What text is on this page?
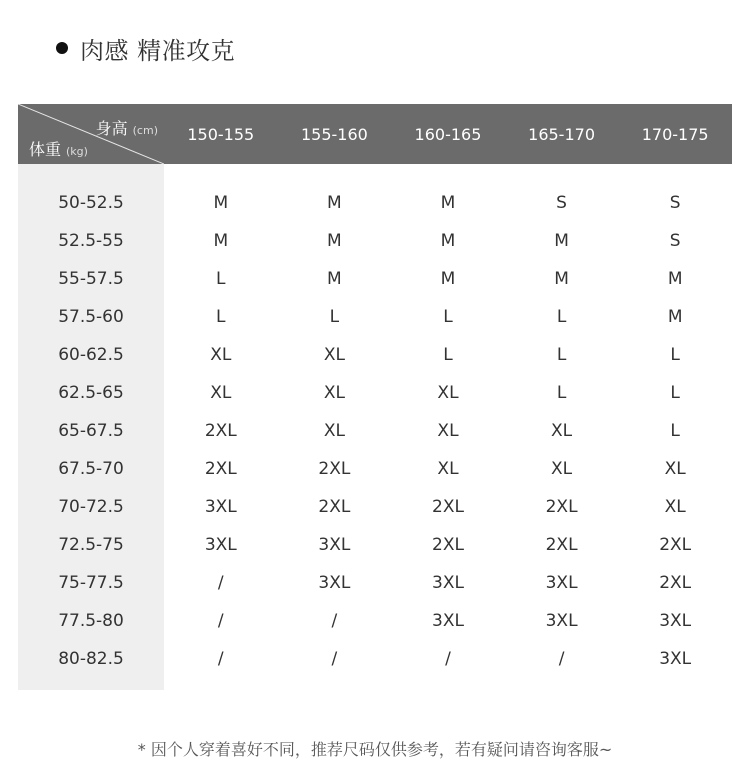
肉感 精准攻克
身高 (cm)
体重 (kg)
150-155	155-160	160-165	165-170	170-175
50-52.5	M	M	M	S	S
52.5-55	M	M	M	M	S
55-57.5	L	M	M	M	M
57.5-60	L	L	L	L	M
60-62.5	XL	XL	L	L	L
62.5-65	XL	XL	XL	L	L
65-67.5	2XL	XL	XL	XL	L
67.5-70	2XL	2XL	XL	XL	XL
70-72.5	3XL	2XL	2XL	2XL	XL
72.5-75	3XL	3XL	2XL	2XL	2XL
75-77.5	/	3XL	3XL	3XL	2XL
77.5-80	/	/	3XL	3XL	3XL
80-82.5	/	/	/	/	3XL
* 因个人穿着喜好不同，推荐尺码仅供参考，若有疑问请咨询客服~
